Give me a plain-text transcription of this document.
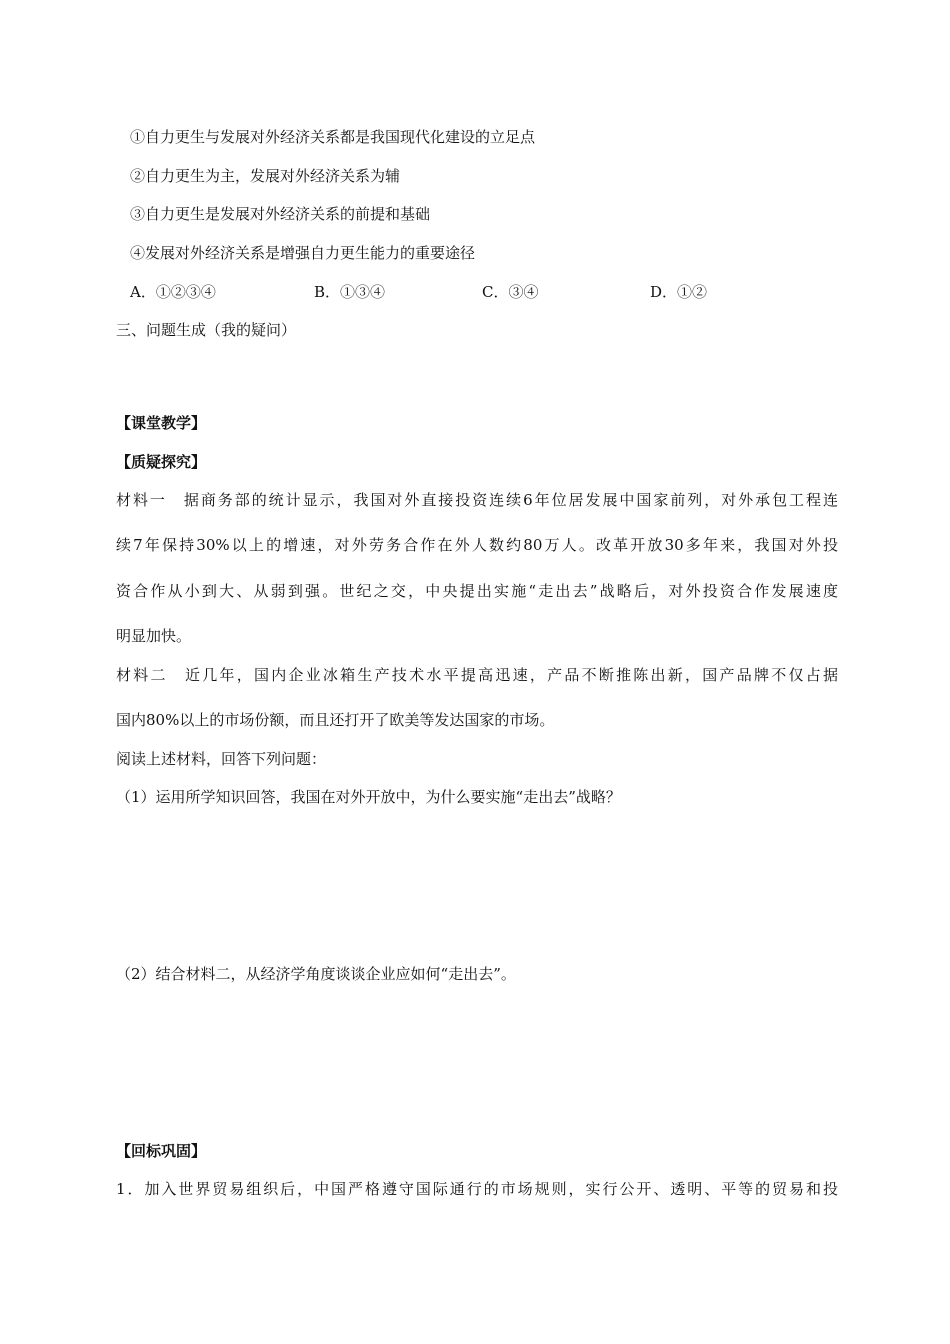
①自力更生与发展对外经济关系都是我国现代化建设的立足点
②自力更生为主，发展对外经济关系为辅
③自力更生是发展对外经济关系的前提和基础
④发展对外经济关系是增强自力更生能力的重要途径
A．①②③④	B．①③④	C．③④	D．①②
三、问题生成（我的疑问）
【课堂教学】
【质疑探究】
材料一　据商务部的统计显示，我国对外直接投资连续6年位居发展中国家前列，对外承包工程连
续7年保持30%以上的增速，对外劳务合作在外人数约80万人。改革开放30多年来，我国对外投
资合作从小到大、从弱到强。世纪之交，中央提出实施“走出去”战略后，对外投资合作发展速度
明显加快。
材料二　近几年，国内企业冰箱生产技术水平提高迅速，产品不断推陈出新，国产品牌不仅占据
国内80%以上的市场份额，而且还打开了欧美等发达国家的市场。
阅读上述材料，回答下列问题：
（1）运用所学知识回答，我国在对外开放中，为什么要实施“走出去”战略？
（2）结合材料二，从经济学角度谈谈企业应如何“走出去”。
【回标巩固】
1．加入世界贸易组织后，中国严格遵守国际通行的市场规则，实行公开、透明、平等的贸易和投
